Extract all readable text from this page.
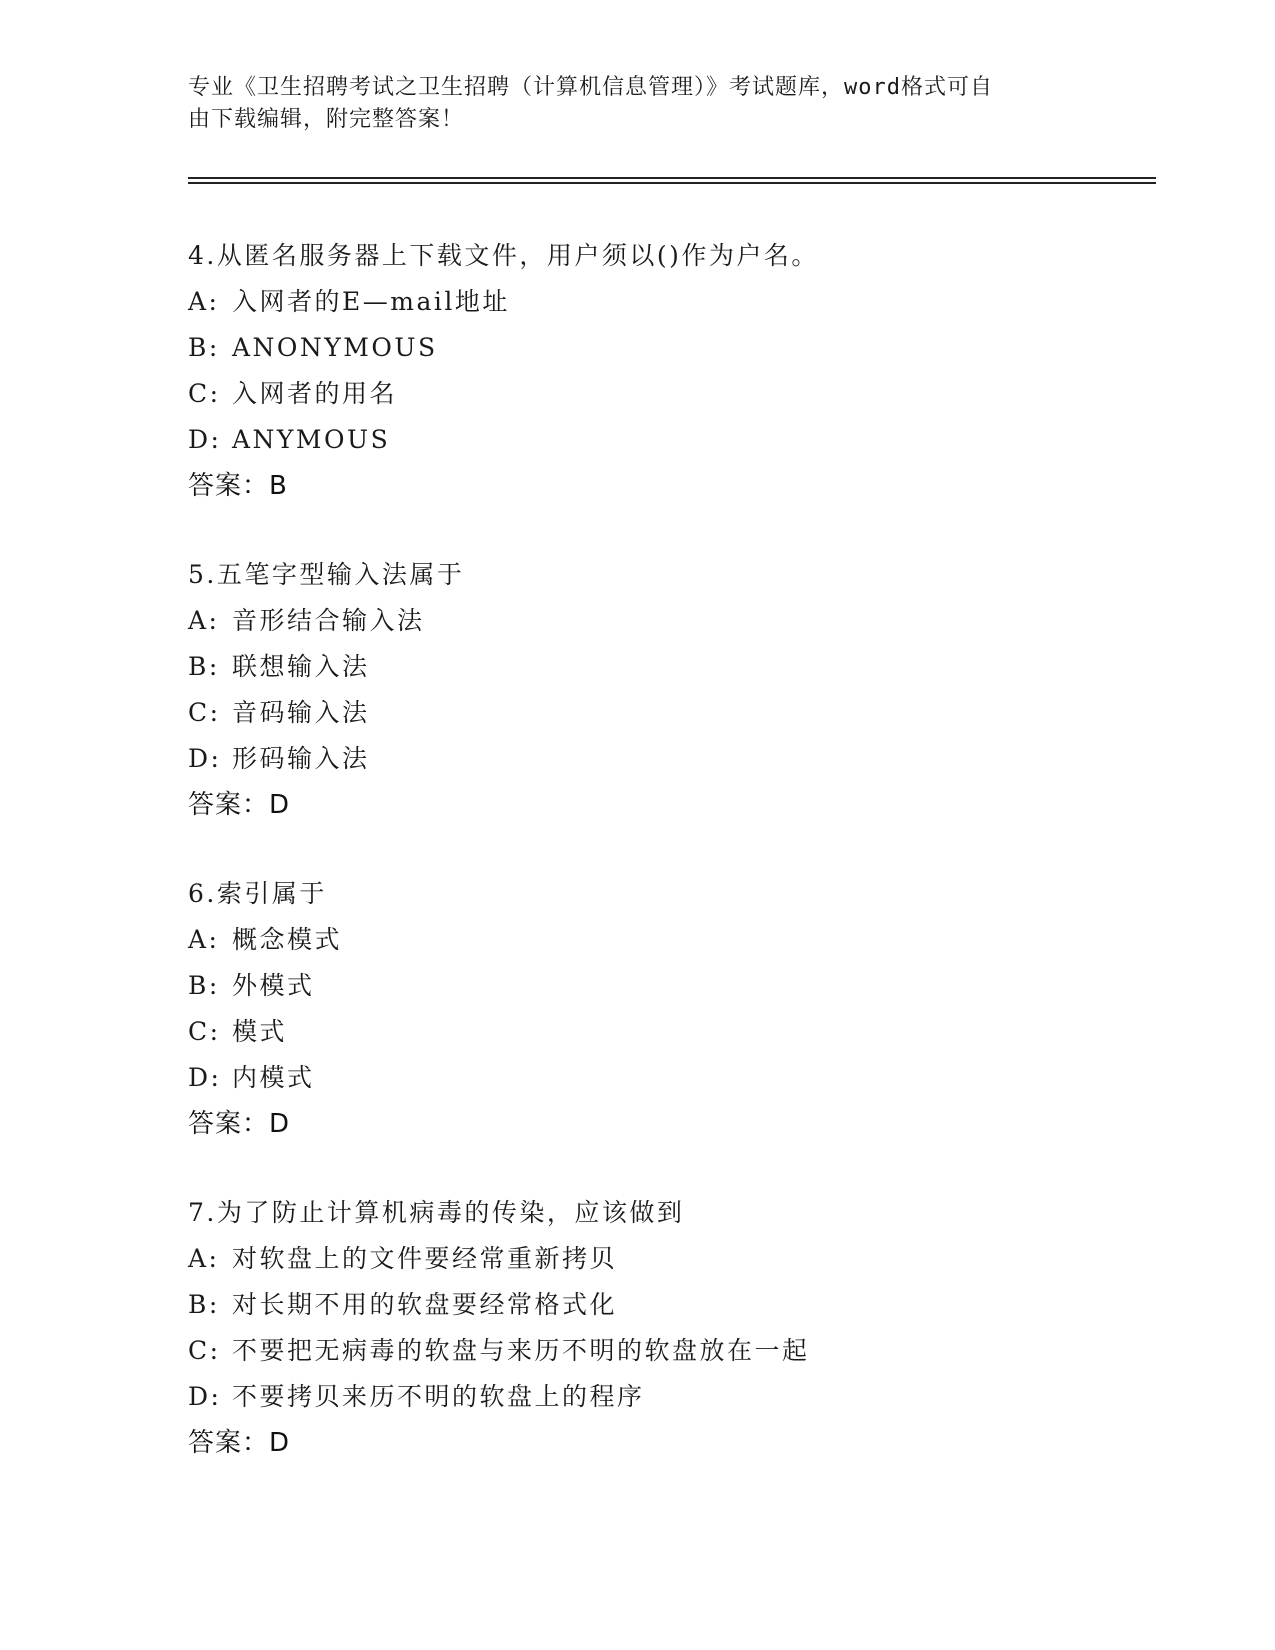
专业《卫生招聘考试之卫生招聘（计算机信息管理）》考试题库，word格式可自
由下载编辑，附完整答案！
4.从匿名服务器上下载文件，用户须以()作为户名。
A: 入网者的E—mail地址
B: ANONYMOUS
C: 入网者的用名
D: ANYMOUS
答案：B
5.五笔字型输入法属于
A: 音形结合输入法
B: 联想输入法
C: 音码输入法
D: 形码输入法
答案：D
6.索引属于
A: 概念模式
B: 外模式
C: 模式
D: 内模式
答案：D
7.为了防止计算机病毒的传染，应该做到
A: 对软盘上的文件要经常重新拷贝
B: 对长期不用的软盘要经常格式化
C: 不要把无病毒的软盘与来历不明的软盘放在一起
D: 不要拷贝来历不明的软盘上的程序
答案：D
